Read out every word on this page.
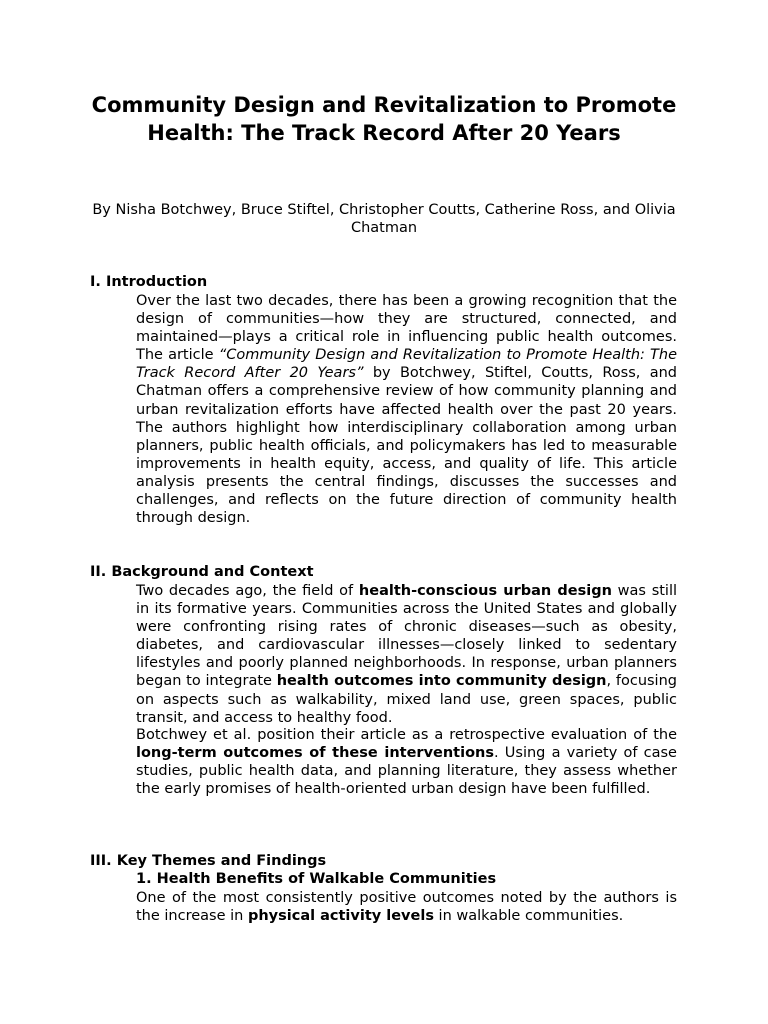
Community Design and Revitalization to Promote Health: The Track Record After 20 Years

By Nisha Botchwey, Bruce Stiftel, Christopher Coutts, Catherine Ross, and Olivia Chatman

I. Introduction

Over the last two decades, there has been a growing recognition that the design of communities—how they are structured, connected, and maintained—plays a critical role in influencing public health outcomes. The article “Community Design and Revitalization to Promote Health: The Track Record After 20 Years” by Botchwey, Stiftel, Coutts, Ross, and Chatman offers a comprehensive review of how community planning and urban revitalization efforts have affected health over the past 20 years. The authors highlight how interdisciplinary collaboration among urban planners, public health officials, and policymakers has led to measurable improvements in health equity, access, and quality of life. This article analysis presents the central findings, discusses the successes and challenges, and reflects on the future direction of community health through design.

II. Background and Context

Two decades ago, the field of health-conscious urban design was still in its formative years. Communities across the United States and globally were confronting rising rates of chronic diseases—such as obesity, diabetes, and cardiovascular illnesses—closely linked to sedentary lifestyles and poorly planned neighborhoods. In response, urban planners began to integrate health outcomes into community design, focusing on aspects such as walkability, mixed land use, green spaces, public transit, and access to healthy food.

Botchwey et al. position their article as a retrospective evaluation of the long-term outcomes of these interventions. Using a variety of case studies, public health data, and planning literature, they assess whether the early promises of health-oriented urban design have been fulfilled.

III. Key Themes and Findings
1. Health Benefits of Walkable Communities

One of the most consistently positive outcomes noted by the authors is the increase in physical activity levels in walkable communities.
